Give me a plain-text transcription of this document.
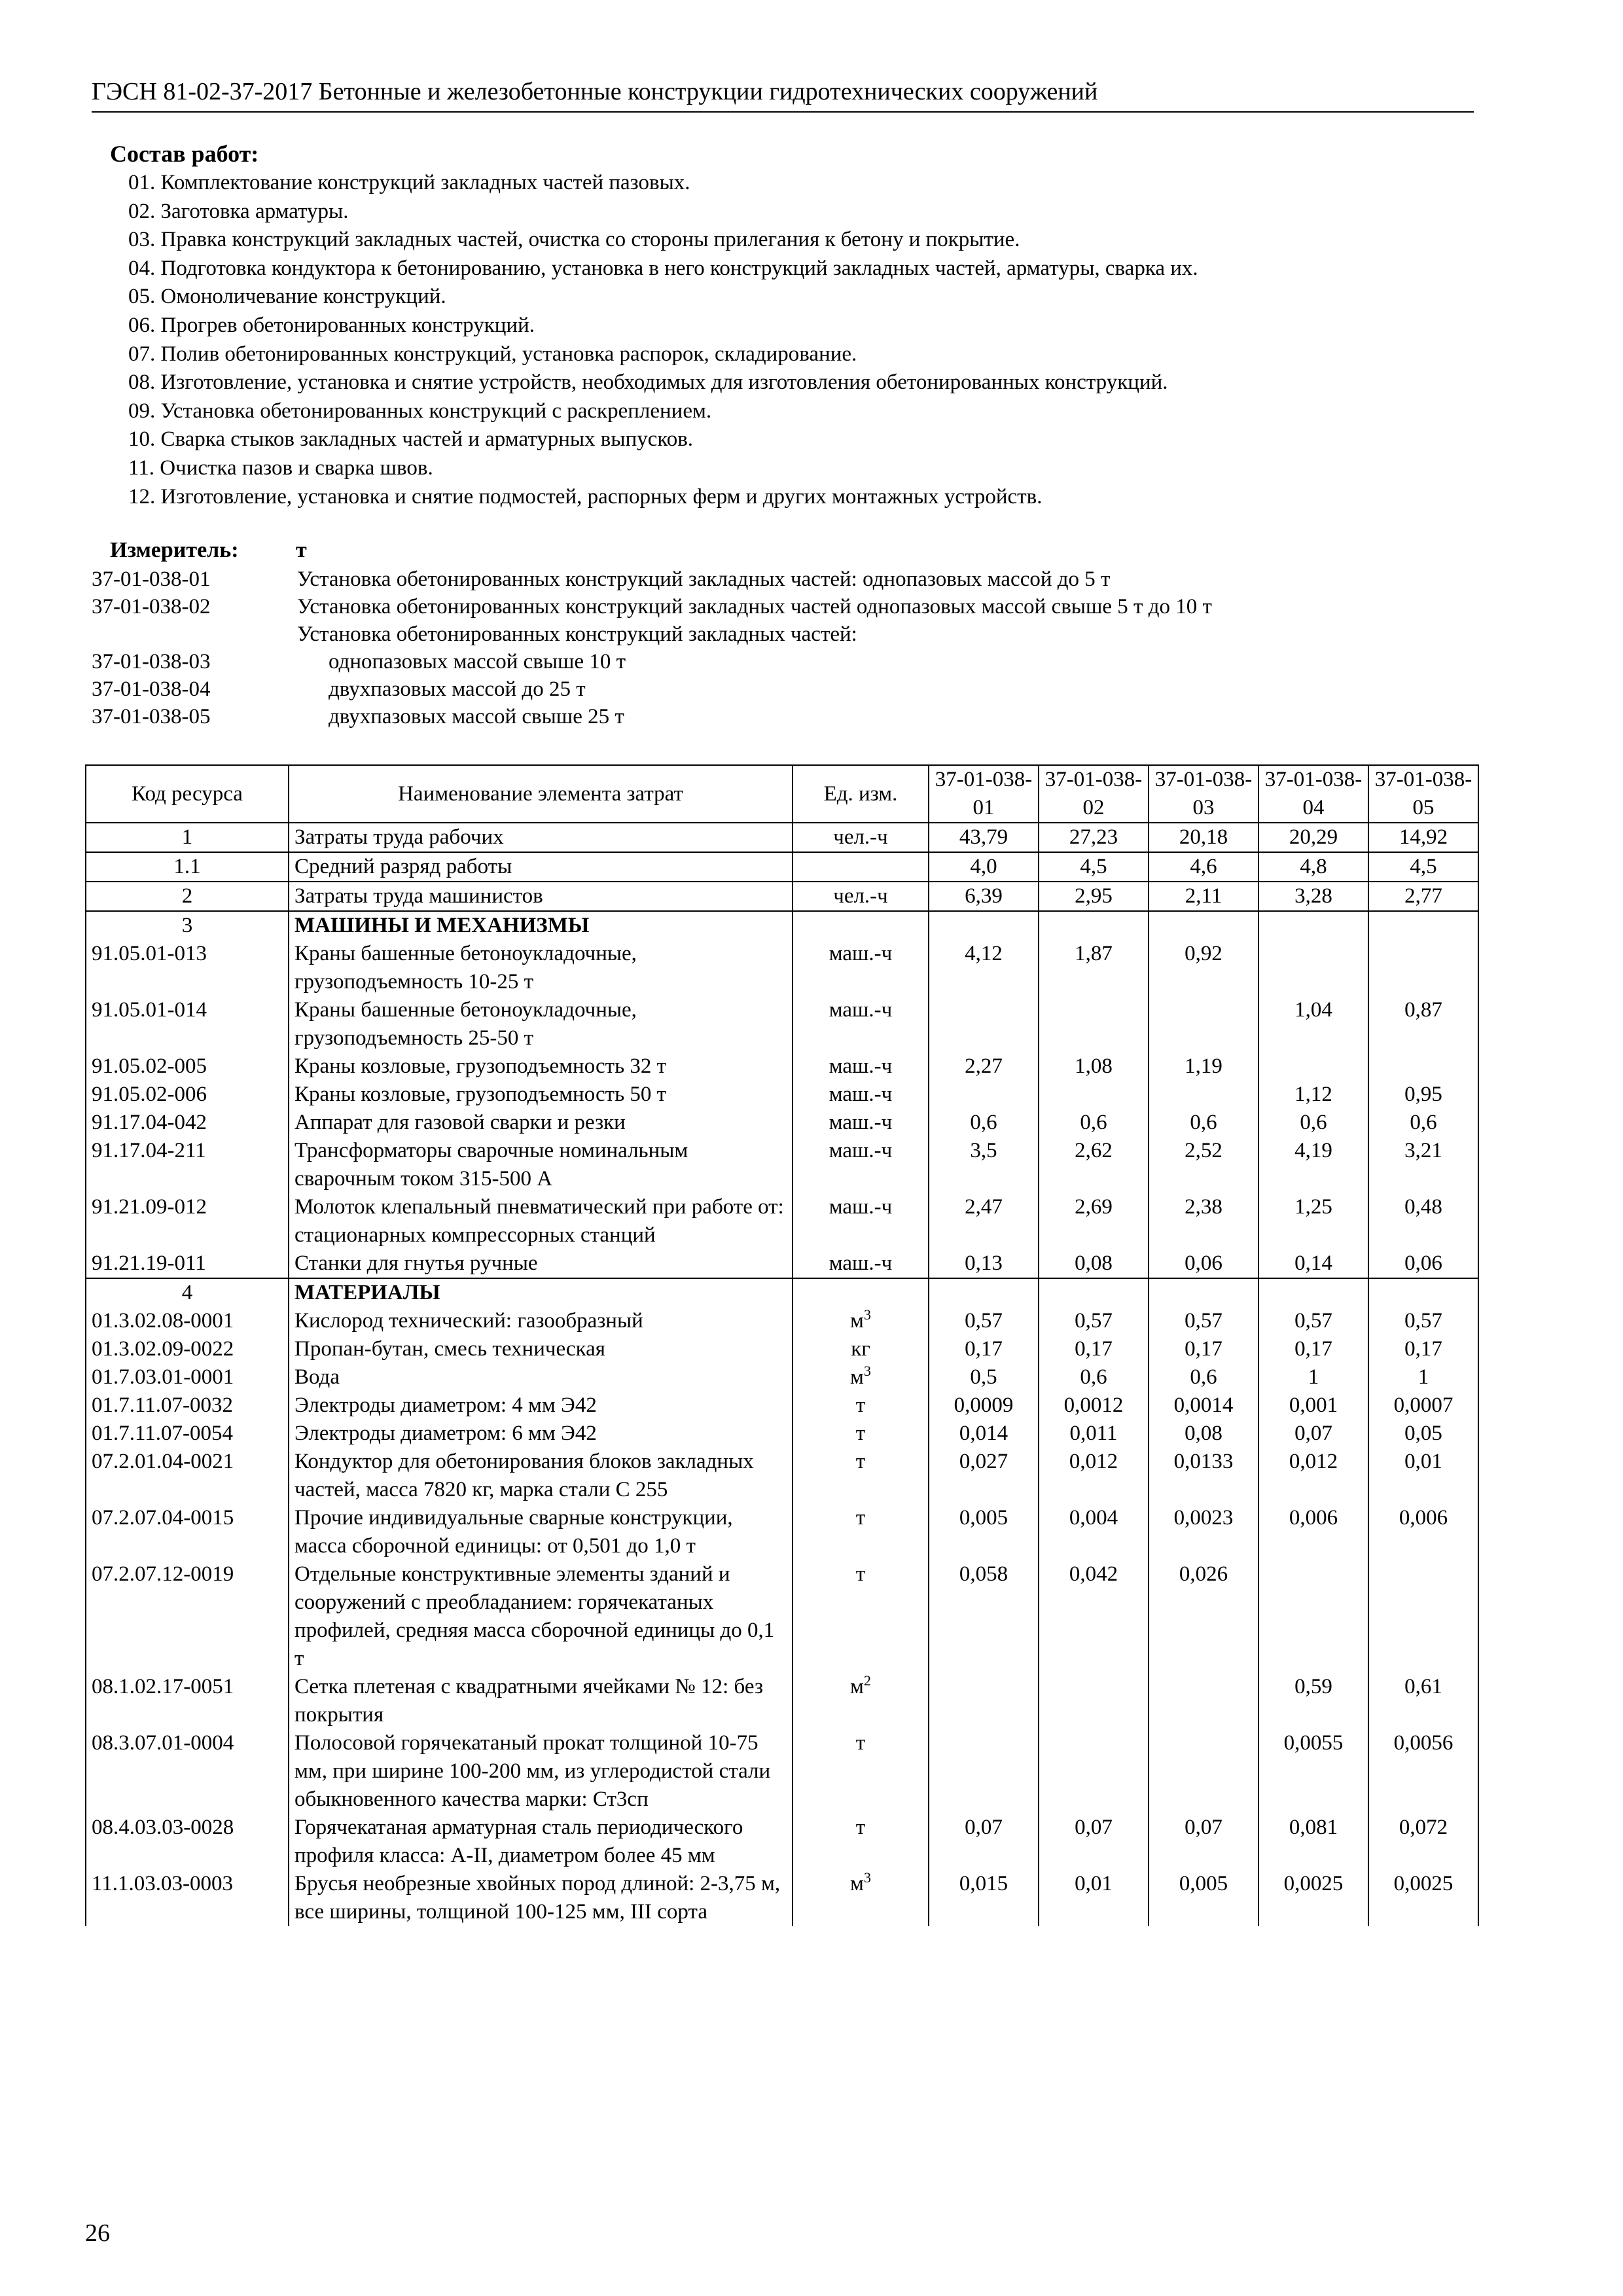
ГЭСН 81-02-37-2017 Бетонные и железобетонные конструкции гидротехнических сооружений
Состав работ:
01. Комплектование конструкций закладных частей пазовых.
02. Заготовка арматуры.
03. Правка конструкций закладных частей, очистка со стороны прилегания к бетону и покрытие.
04. Подготовка кондуктора к бетонированию, установка в него конструкций закладных частей, арматуры, сварка их.
05. Омоноличевание конструкций.
06. Прогрев обетонированных конструкций.
07. Полив обетонированных конструкций, установка распорок, складирование.
08. Изготовление, установка и снятие устройств, необходимых для изготовления обетонированных конструкций.
09. Установка обетонированных конструкций с раскреплением.
10. Сварка стыков закладных частей и арматурных выпусков.
11. Очистка пазов и сварка швов.
12. Изготовление, установка и снятие подмостей, распорных ферм и других монтажных устройств.
Измеритель:	т
37-01-038-01	Установка обетонированных конструкций закладных частей: однопазовых массой до 5 т
37-01-038-02	Установка обетонированных конструкций закладных частей однопазовых массой свыше 5 т до 10 т
Установка обетонированных конструкций закладных частей:
37-01-038-03	однопазовых массой свыше 10 т
37-01-038-04	двухпазовых массой до 25 т
37-01-038-05	двухпазовых массой свыше 25 т
Код ресурса	Наименование элемента затрат	Ед. изм.	37-01-038-01	37-01-038-02	37-01-038-03	37-01-038-04	37-01-038-05
1	Затраты труда рабочих	чел.-ч	43,79	27,23	20,18	20,29	14,92
1.1	Средний разряд работы		4,0	4,5	4,6	4,8	4,5
2	Затраты труда машинистов	чел.-ч	6,39	2,95	2,11	3,28	2,77
3	МАШИНЫ И МЕХАНИЗМЫ						
91.05.01-013	Краны башенные бетоноукладочные, грузоподъемность 10-25 т	маш.-ч	4,12	1,87	0,92		
91.05.01-014	Краны башенные бетоноукладочные, грузоподъемность 25-50 т	маш.-ч				1,04	0,87
91.05.02-005	Краны козловые, грузоподъемность 32 т	маш.-ч	2,27	1,08	1,19		
91.05.02-006	Краны козловые, грузоподъемность 50 т	маш.-ч				1,12	0,95
91.17.04-042	Аппарат для газовой сварки и резки	маш.-ч	0,6	0,6	0,6	0,6	0,6
91.17.04-211	Трансформаторы сварочные номинальным сварочным током 315-500 А	маш.-ч	3,5	2,62	2,52	4,19	3,21
91.21.09-012	Молоток клепальный пневматический при работе от: стационарных компрессорных станций	маш.-ч	2,47	2,69	2,38	1,25	0,48
91.21.19-011	Станки для гнутья ручные	маш.-ч	0,13	0,08	0,06	0,14	0,06
4	МАТЕРИАЛЫ						
01.3.02.08-0001	Кислород технический: газообразный	$м^3$	0,57	0,57	0,57	0,57	0,57
01.3.02.09-0022	Пропан-бутан, смесь техническая	кг	0,17	0,17	0,17	0,17	0,17
01.7.03.01-0001	Вода	$м^3$	0,5	0,6	0,6	1	1
01.7.11.07-0032	Электроды диаметром: 4 мм Э42	т	0,0009	0,0012	0,0014	0,001	0,0007
01.7.11.07-0054	Электроды диаметром: 6 мм Э42	т	0,014	0,011	0,08	0,07	0,05
07.2.01.04-0021	Кондуктор для обетонирования блоков закладных частей, масса 7820 кг, марка стали С 255	т	0,027	0,012	0,0133	0,012	0,01
07.2.07.04-0015	Прочие индивидуальные сварные конструкции, масса сборочной единицы: от 0,501 до 1,0 т	т	0,005	0,004	0,0023	0,006	0,006
07.2.07.12-0019	Отдельные конструктивные элементы зданий и сооружений с преобладанием: горячекатаных профилей, средняя масса сборочной единицы до 0,1 т	т	0,058	0,042	0,026		
08.1.02.17-0051	Сетка плетеная с квадратными ячейками № 12: без покрытия	$м^2$				0,59	0,61
08.3.07.01-0004	Полосовой горячекатаный прокат толщиной 10-75 мм, при ширине 100-200 мм, из углеродистой стали обыкновенного качества марки: Ст3сп	т				0,0055	0,0056
08.4.03.03-0028	Горячекатаная арматурная сталь периодического профиля класса: А-II, диаметром более 45 мм	т	0,07	0,07	0,07	0,081	0,072
11.1.03.03-0003	Брусья необрезные хвойных пород длиной: 2-3,75 м, все ширины, толщиной 100-125 мм, III сорта	$м^3$	0,015	0,01	0,005	0,0025	0,0025
26
